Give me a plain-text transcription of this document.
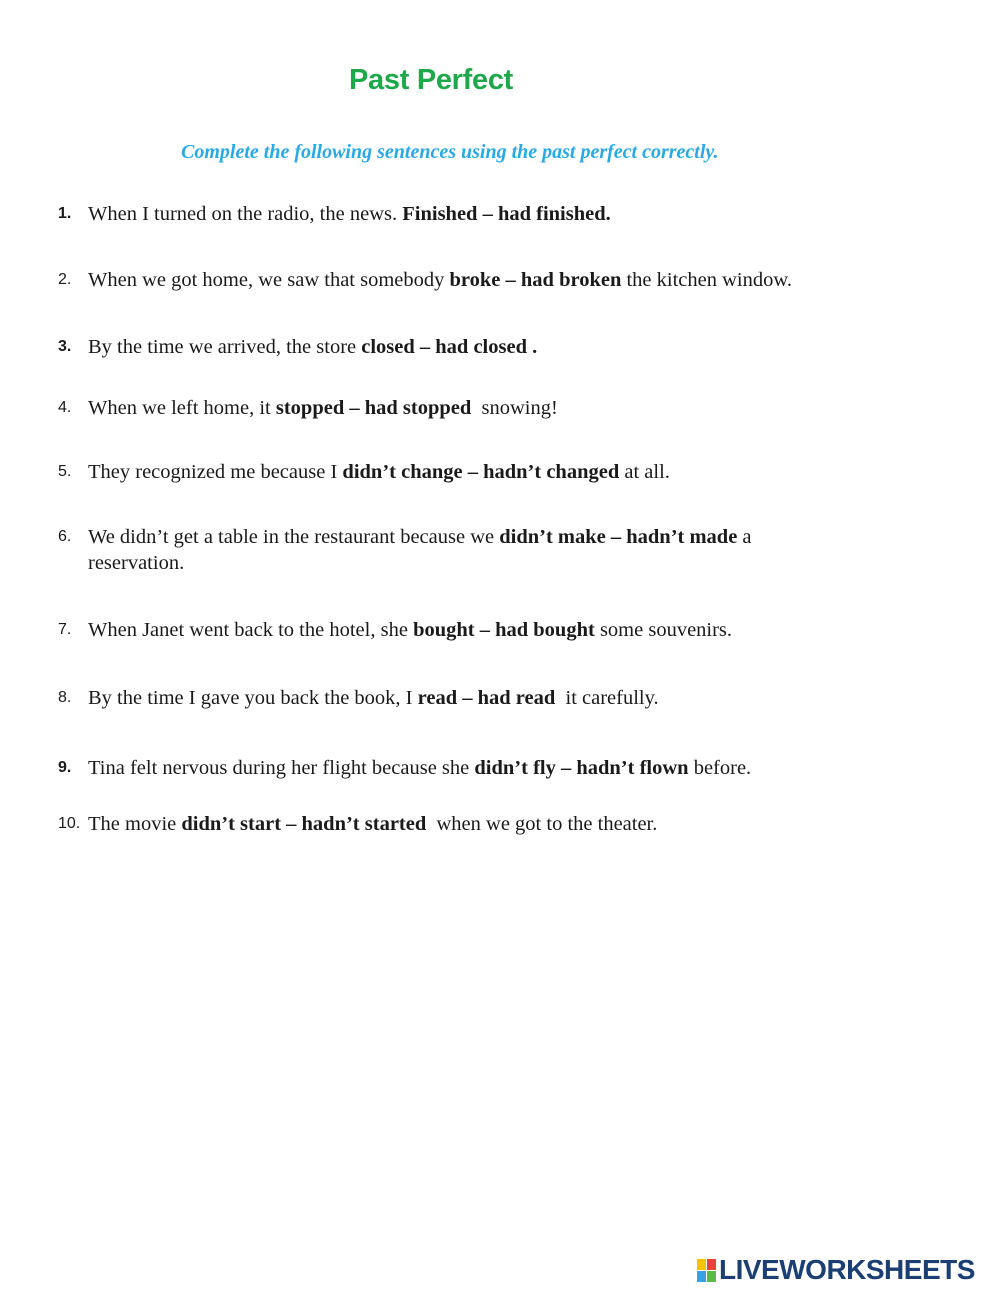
Past Perfect
Complete the following sentences using the past perfect correctly.
1. When I turned on the radio, the news. Finished – had finished.
2. When we got home, we saw that somebody broke – had broken the kitchen window.
3. By the time we arrived, the store closed – had closed .
4. When we left home, it stopped – had stopped  snowing!
5. They recognized me because I didn’t change – hadn’t changed at all.
6. We didn’t get a table in the restaurant because we didn’t make – hadn’t made a reservation.
7. When Janet went back to the hotel, she bought – had bought some souvenirs.
8. By the time I gave you back the book, I read – had read  it carefully.
9. Tina felt nervous during her flight because she didn’t fly – hadn’t flown before.
10. The movie didn’t start – hadn’t started  when we got to the theater.
LIVEWORKSHEETS
